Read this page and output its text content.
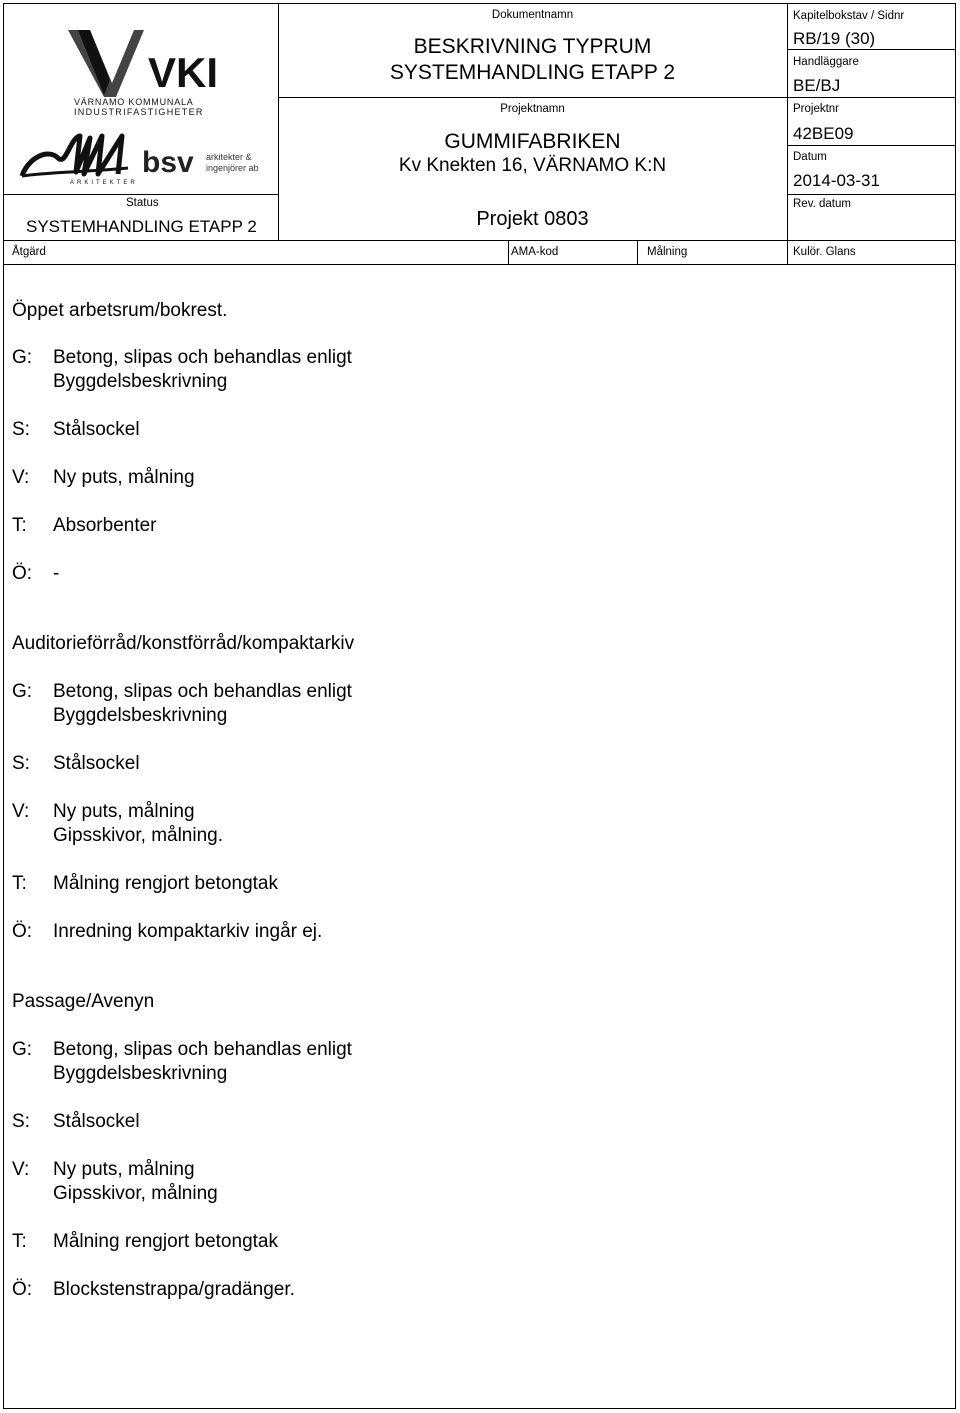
VKI
VÄRNAMO KOMMUNALA
INDUSTRIFASTIGHETER
ARKITEKTER
bsv arkitekter &
ingenjörer ab
Status
SYSTEMHANDLING ETAPP 2
Dokumentnamn
BESKRIVNING TYPRUM
SYSTEMHANDLING ETAPP 2
Projektnamn
GUMMIFABRIKEN
Kv Knekten 16, VÄRNAMO K:N
Projekt 0803
Kapitelbokstav / Sidnr
RB/19 (30)
Handläggare
BE/BJ
Projektnr
42BE09
Datum
2014-03-31
Rev. datum
Åtgärd	AMA-kod	Målning	Kulör. Glans
Öppet arbetsrum/bokrest.
G: Betong, slipas och behandlas enligt
Byggdelsbeskrivning
S: Stålsockel
V: Ny puts, målning
T: Absorbenter
Ö: -
Auditorieförråd/konstförråd/kompaktarkiv
G: Betong, slipas och behandlas enligt
Byggdelsbeskrivning
S: Stålsockel
V: Ny puts, målning
Gipsskivor, målning.
T: Målning rengjort betongtak
Ö: Inredning kompaktarkiv ingår ej.
Passage/Avenyn
G: Betong, slipas och behandlas enligt
Byggdelsbeskrivning
S: Stålsockel
V: Ny puts, målning
Gipsskivor, målning
T: Målning rengjort betongtak
Ö: Blockstenstrappa/gradänger.
